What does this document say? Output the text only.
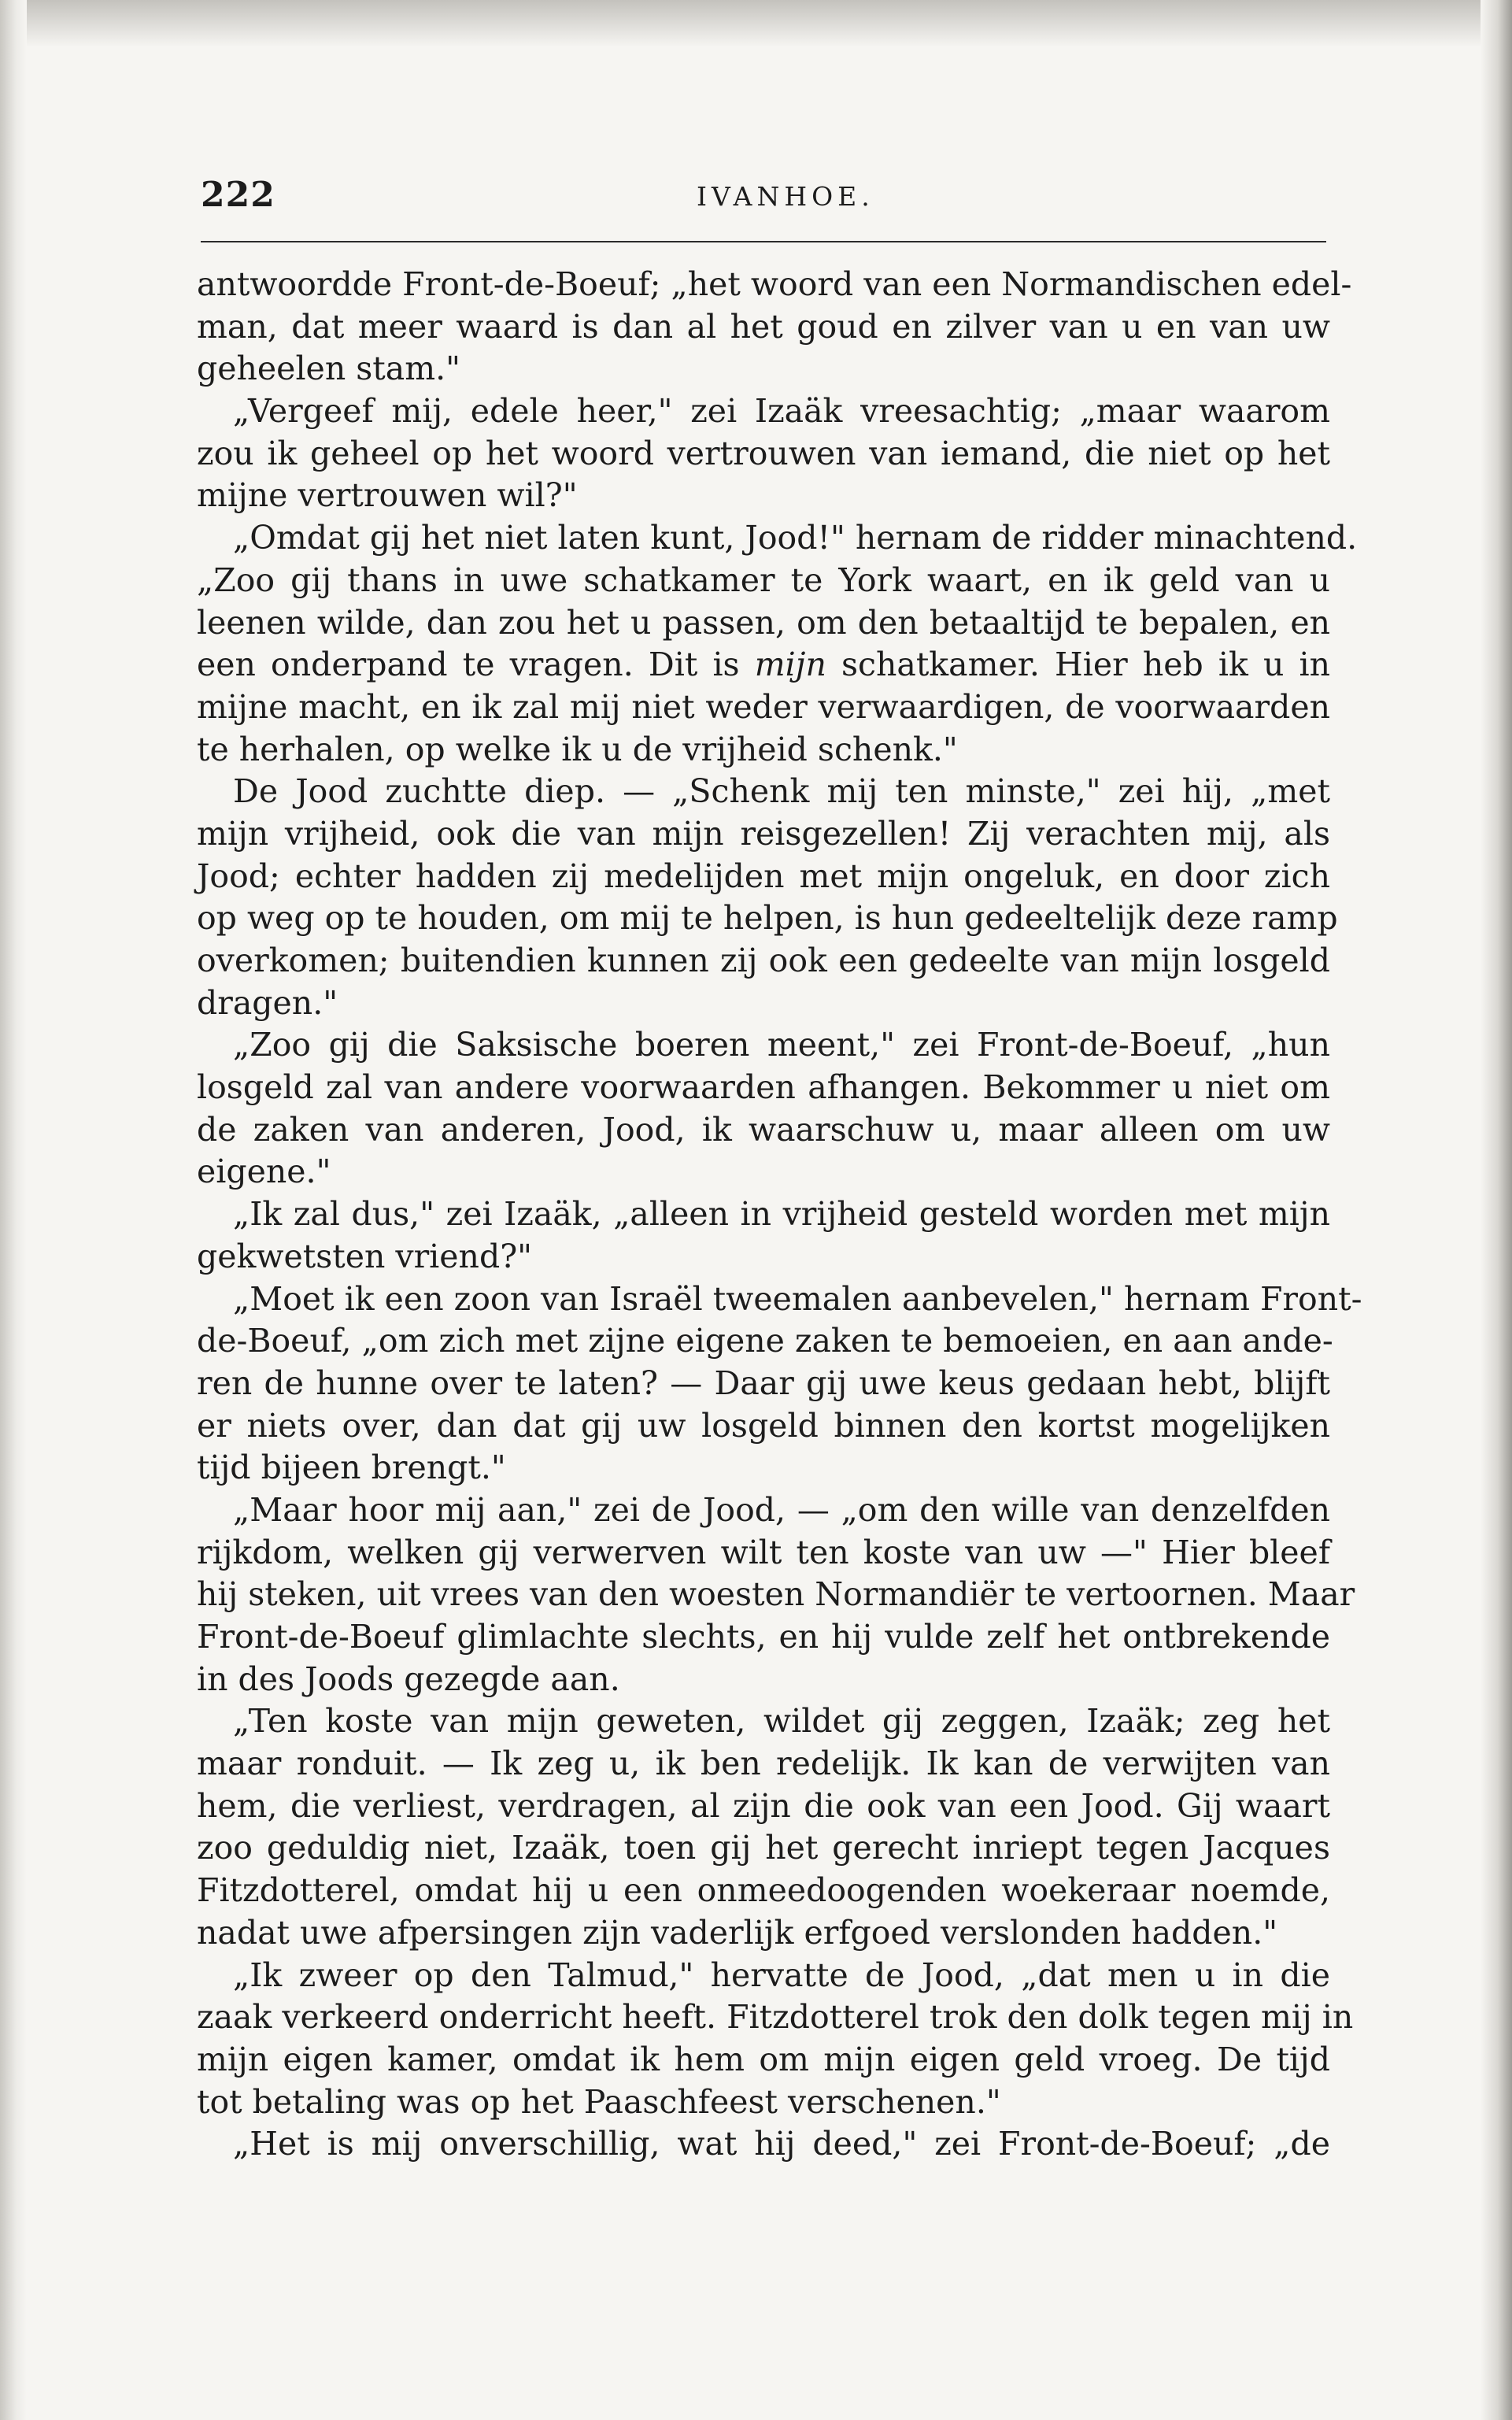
222	IVANHOE.
antwoordde Front-de-Boeuf; „het woord van een Normandischen edel-
man, dat meer waard is dan al het goud en zilver van u en van uw
geheelen stam."
„Vergeef mij, edele heer," zei Izaäk vreesachtig; „maar waarom
zou ik geheel op het woord vertrouwen van iemand, die niet op het
mijne vertrouwen wil?"
„Omdat gij het niet laten kunt, Jood!" hernam de ridder minachtend.
„Zoo gij thans in uwe schatkamer te York waart, en ik geld van u
leenen wilde, dan zou het u passen, om den betaaltijd te bepalen, en
een onderpand te vragen. Dit is mijn schatkamer. Hier heb ik u in
mijne macht, en ik zal mij niet weder verwaardigen, de voorwaarden
te herhalen, op welke ik u de vrijheid schenk."
De Jood zuchtte diep. — „Schenk mij ten minste," zei hij, „met
mijn vrijheid, ook die van mijn reisgezellen! Zij verachten mij, als
Jood; echter hadden zij medelijden met mijn ongeluk, en door zich
op weg op te houden, om mij te helpen, is hun gedeeltelijk deze ramp
overkomen; buitendien kunnen zij ook een gedeelte van mijn losgeld
dragen."
„Zoo gij die Saksische boeren meent," zei Front-de-Boeuf, „hun
losgeld zal van andere voorwaarden afhangen. Bekommer u niet om
de zaken van anderen, Jood, ik waarschuw u, maar alleen om uw
eigene."
„Ik zal dus," zei Izaäk, „alleen in vrijheid gesteld worden met mijn
gekwetsten vriend?"
„Moet ik een zoon van Israël tweemalen aanbevelen," hernam Front-
de-Boeuf, „om zich met zijne eigene zaken te bemoeien, en aan ande-
ren de hunne over te laten? — Daar gij uwe keus gedaan hebt, blijft
er niets over, dan dat gij uw losgeld binnen den kortst mogelijken
tijd bijeen brengt."
„Maar hoor mij aan," zei de Jood, — „om den wille van denzelfden
rijkdom, welken gij verwerven wilt ten koste van uw —" Hier bleef
hij steken, uit vrees van den woesten Normandiër te vertoornen. Maar
Front-de-Boeuf glimlachte slechts, en hij vulde zelf het ontbrekende
in des Joods gezegde aan.
„Ten koste van mijn geweten, wildet gij zeggen, Izaäk; zeg het
maar ronduit. — Ik zeg u, ik ben redelijk. Ik kan de verwijten van
hem, die verliest, verdragen, al zijn die ook van een Jood. Gij waart
zoo geduldig niet, Izaäk, toen gij het gerecht inriept tegen Jacques
Fitzdotterel, omdat hij u een onmeedoogenden woekeraar noemde,
nadat uwe afpersingen zijn vaderlijk erfgoed verslonden hadden."
„Ik zweer op den Talmud," hervatte de Jood, „dat men u in die
zaak verkeerd onderricht heeft. Fitzdotterel trok den dolk tegen mij in
mijn eigen kamer, omdat ik hem om mijn eigen geld vroeg. De tijd
tot betaling was op het Paaschfeest verschenen."
„Het is mij onverschillig, wat hij deed," zei Front-de-Boeuf; „de
